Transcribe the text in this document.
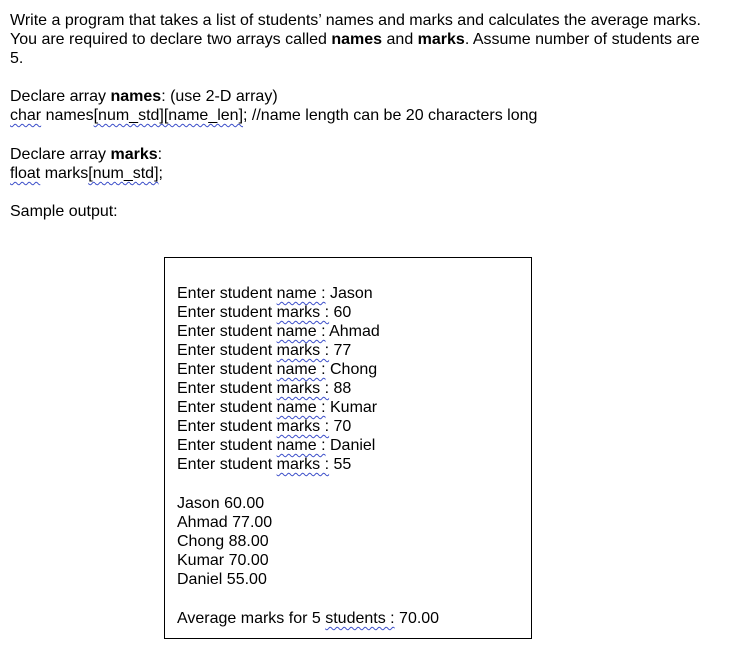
Write a program that takes a list of students’ names and marks and calculates the average marks. You are required to declare two arrays called names and marks. Assume number of students are 5.
Declare array names: (use 2-D array)
char names[num_std][name_len]; //name length can be 20 characters long
Declare array marks:
float marks[num_std];
Sample output:
Enter student name : Jason
Enter student marks : 60
Enter student name : Ahmad
Enter student marks : 77
Enter student name : Chong
Enter student marks : 88
Enter student name : Kumar
Enter student marks : 70
Enter student name : Daniel
Enter student marks : 55
Jason 60.00
Ahmad 77.00
Chong 88.00
Kumar 70.00
Daniel 55.00
Average marks for 5 students : 70.00
